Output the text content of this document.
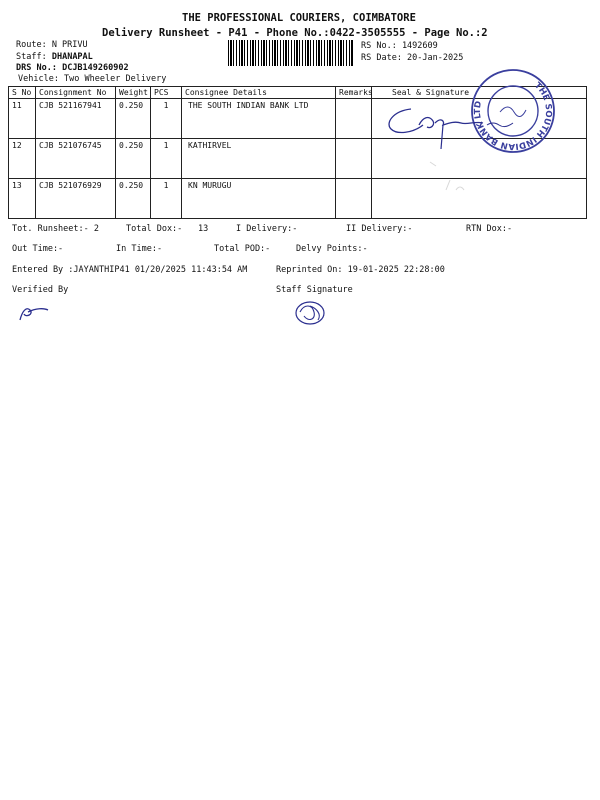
THE PROFESSIONAL COURIERS, COIMBATORE
Delivery Runsheet - P41 - Phone No.:0422-3505555 - Page No.:2
Route: N PRIVU
Staff: DHANAPAL
DRS No.: DCJB149260902
Vehicle: Two Wheeler Delivery
RS No.: 1492609
RS Date: 20-Jan-2025
S No	Consignment No	Weight	PCS	Consignee Details	Remarks	Seal & Signature
11	CJB 521167941	0.250	1	THE SOUTH INDIAN BANK LTD		
12	CJB 521076745	0.250	1	KATHIRVEL		
13	CJB 521076929	0.250	1	KN MURUGU		
THE SOUTH INDIAN BANK LTD
Tot. Runsheet:- 2	Total Dox:- 13	I Delivery:-	II Delivery:-	RTN Dox:-
Out Time:-	In Time:-	Total POD:-	Delvy Points:-
Entered By :JAYANTHIP41 01/20/2025 11:43:54 AM	Reprinted On: 19-01-2025 22:28:00
Verified By	Staff Signature
